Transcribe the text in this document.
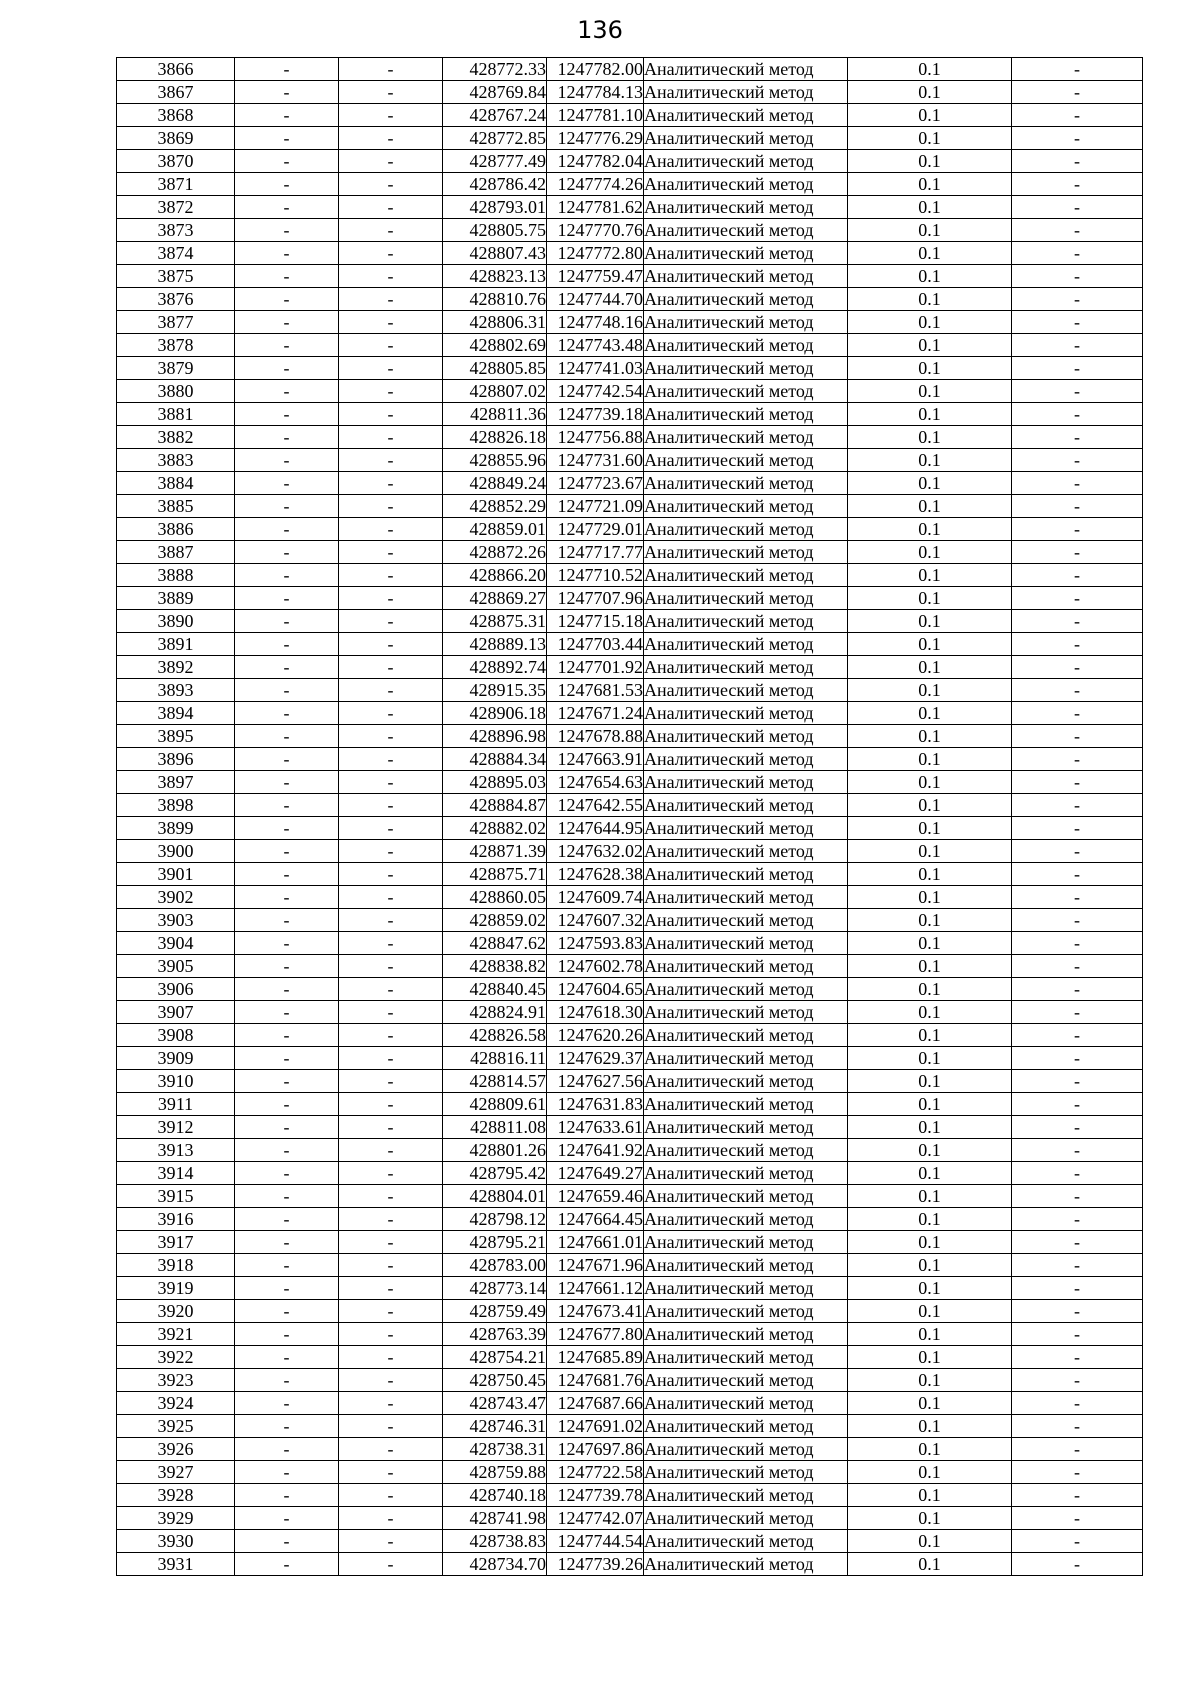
136
3866	-	-	428772.33	1247782.00	Аналитический метод	0.1	-
3867	-	-	428769.84	1247784.13	Аналитический метод	0.1	-
3868	-	-	428767.24	1247781.10	Аналитический метод	0.1	-
3869	-	-	428772.85	1247776.29	Аналитический метод	0.1	-
3870	-	-	428777.49	1247782.04	Аналитический метод	0.1	-
3871	-	-	428786.42	1247774.26	Аналитический метод	0.1	-
3872	-	-	428793.01	1247781.62	Аналитический метод	0.1	-
3873	-	-	428805.75	1247770.76	Аналитический метод	0.1	-
3874	-	-	428807.43	1247772.80	Аналитический метод	0.1	-
3875	-	-	428823.13	1247759.47	Аналитический метод	0.1	-
3876	-	-	428810.76	1247744.70	Аналитический метод	0.1	-
3877	-	-	428806.31	1247748.16	Аналитический метод	0.1	-
3878	-	-	428802.69	1247743.48	Аналитический метод	0.1	-
3879	-	-	428805.85	1247741.03	Аналитический метод	0.1	-
3880	-	-	428807.02	1247742.54	Аналитический метод	0.1	-
3881	-	-	428811.36	1247739.18	Аналитический метод	0.1	-
3882	-	-	428826.18	1247756.88	Аналитический метод	0.1	-
3883	-	-	428855.96	1247731.60	Аналитический метод	0.1	-
3884	-	-	428849.24	1247723.67	Аналитический метод	0.1	-
3885	-	-	428852.29	1247721.09	Аналитический метод	0.1	-
3886	-	-	428859.01	1247729.01	Аналитический метод	0.1	-
3887	-	-	428872.26	1247717.77	Аналитический метод	0.1	-
3888	-	-	428866.20	1247710.52	Аналитический метод	0.1	-
3889	-	-	428869.27	1247707.96	Аналитический метод	0.1	-
3890	-	-	428875.31	1247715.18	Аналитический метод	0.1	-
3891	-	-	428889.13	1247703.44	Аналитический метод	0.1	-
3892	-	-	428892.74	1247701.92	Аналитический метод	0.1	-
3893	-	-	428915.35	1247681.53	Аналитический метод	0.1	-
3894	-	-	428906.18	1247671.24	Аналитический метод	0.1	-
3895	-	-	428896.98	1247678.88	Аналитический метод	0.1	-
3896	-	-	428884.34	1247663.91	Аналитический метод	0.1	-
3897	-	-	428895.03	1247654.63	Аналитический метод	0.1	-
3898	-	-	428884.87	1247642.55	Аналитический метод	0.1	-
3899	-	-	428882.02	1247644.95	Аналитический метод	0.1	-
3900	-	-	428871.39	1247632.02	Аналитический метод	0.1	-
3901	-	-	428875.71	1247628.38	Аналитический метод	0.1	-
3902	-	-	428860.05	1247609.74	Аналитический метод	0.1	-
3903	-	-	428859.02	1247607.32	Аналитический метод	0.1	-
3904	-	-	428847.62	1247593.83	Аналитический метод	0.1	-
3905	-	-	428838.82	1247602.78	Аналитический метод	0.1	-
3906	-	-	428840.45	1247604.65	Аналитический метод	0.1	-
3907	-	-	428824.91	1247618.30	Аналитический метод	0.1	-
3908	-	-	428826.58	1247620.26	Аналитический метод	0.1	-
3909	-	-	428816.11	1247629.37	Аналитический метод	0.1	-
3910	-	-	428814.57	1247627.56	Аналитический метод	0.1	-
3911	-	-	428809.61	1247631.83	Аналитический метод	0.1	-
3912	-	-	428811.08	1247633.61	Аналитический метод	0.1	-
3913	-	-	428801.26	1247641.92	Аналитический метод	0.1	-
3914	-	-	428795.42	1247649.27	Аналитический метод	0.1	-
3915	-	-	428804.01	1247659.46	Аналитический метод	0.1	-
3916	-	-	428798.12	1247664.45	Аналитический метод	0.1	-
3917	-	-	428795.21	1247661.01	Аналитический метод	0.1	-
3918	-	-	428783.00	1247671.96	Аналитический метод	0.1	-
3919	-	-	428773.14	1247661.12	Аналитический метод	0.1	-
3920	-	-	428759.49	1247673.41	Аналитический метод	0.1	-
3921	-	-	428763.39	1247677.80	Аналитический метод	0.1	-
3922	-	-	428754.21	1247685.89	Аналитический метод	0.1	-
3923	-	-	428750.45	1247681.76	Аналитический метод	0.1	-
3924	-	-	428743.47	1247687.66	Аналитический метод	0.1	-
3925	-	-	428746.31	1247691.02	Аналитический метод	0.1	-
3926	-	-	428738.31	1247697.86	Аналитический метод	0.1	-
3927	-	-	428759.88	1247722.58	Аналитический метод	0.1	-
3928	-	-	428740.18	1247739.78	Аналитический метод	0.1	-
3929	-	-	428741.98	1247742.07	Аналитический метод	0.1	-
3930	-	-	428738.83	1247744.54	Аналитический метод	0.1	-
3931	-	-	428734.70	1247739.26	Аналитический метод	0.1	-
